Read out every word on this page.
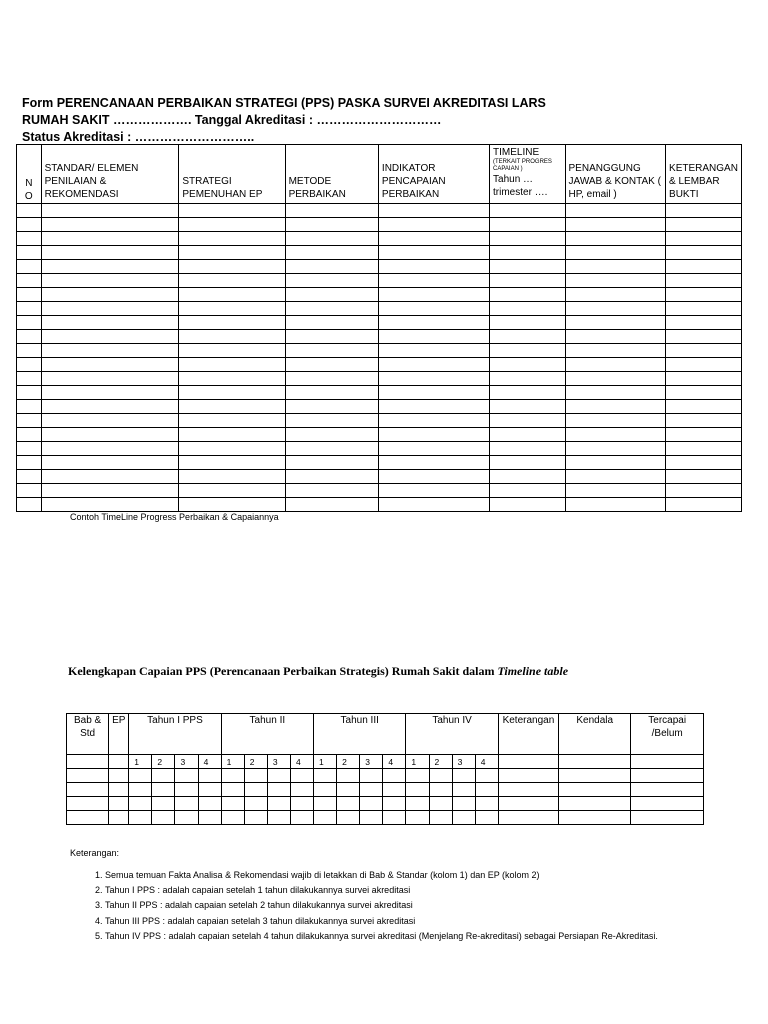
Form PERENCANAAN PERBAIKAN STRATEGI (PPS) PASKA SURVEI AKREDITASI LARS
RUMAH SAKIT ………………. Tanggal Akreditasi : …………………………
Status Akreditasi : ………………………..
N
O	STANDAR/ ELEMEN PENILAIAN & REKOMENDASI	STRATEGI PEMENUHAN EP	METODE PERBAIKAN	INDIKATOR PENCAPAIAN PERBAIKAN	TIMELINE
(TERKAIT PROGRES CAPAIAN )
Tahun …
trimester ….	PENANGGUNG JAWAB & KONTAK ( HP, email )	KETERANGAN & LEMBAR BUKTI

Contoh TimeLine Progress Perbaikan & Capaiannya
Kelengkapan Capaian PPS (Perencanaan Perbaikan Strategis) Rumah Sakit dalam Timeline table
Bab & Std	EP	Tahun I PPS				Tahun II				Tahun III				Tahun IV				Keterangan	Kendala	Tercapai /Belum
		1	2	3	4	1	2	3	4	1	2	3	4	1	2	3	4			

Keterangan:
1. Semua temuan Fakta Analisa & Rekomendasi wajib di letakkan di Bab & Standar (kolom 1) dan EP (kolom 2)
2. Tahun I PPS : adalah capaian setelah 1 tahun dilakukannya survei akreditasi
3. Tahun II PPS : adalah capaian setelah 2 tahun dilakukannya survei akreditasi
4. Tahun III PPS : adalah capaian setelah 3 tahun dilakukannya survei akreditasi
5. Tahun IV PPS : adalah capaian setelah 4 tahun dilakukannya survei akreditasi (Menjelang Re-akreditasi) sebagai Persiapan Re-Akreditasi.
